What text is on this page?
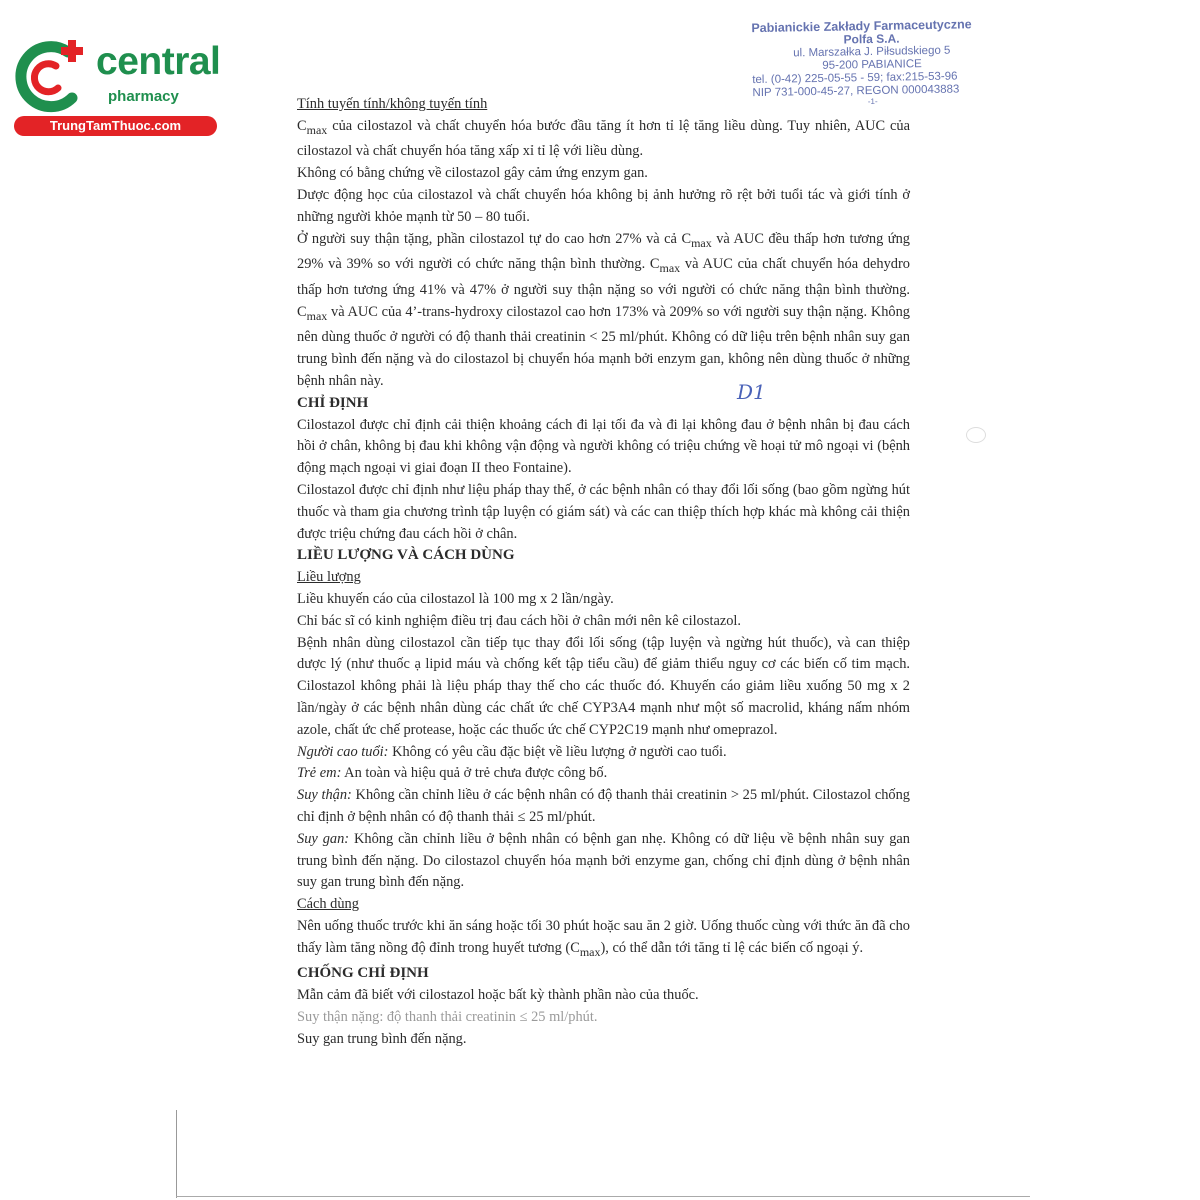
central
pharmacy
TrungTamThuoc.com
Pabianickie Zakłady Farmaceutyczne
Polfa S.A.
ul. Marszałka J. Piłsudskiego 5
95-200 PABIANICE
tel. (0-42) 225-05-55 - 59; fax:215-53-96
NIP 731-000-45-27, REGON 000043883
-1-
D1

Tính tuyến tính/không tuyến tính

$C_{max}$ của cilostazol và chất chuyển hóa bước đầu tăng ít hơn tỉ lệ tăng liều dùng. Tuy nhiên, AUC của cilostazol và chất chuyển hóa tăng xấp xỉ tỉ lệ với liều dùng.

Không có bằng chứng về cilostazol gây cảm ứng enzym gan.

Dược động học của cilostazol và chất chuyển hóa không bị ảnh hưởng rõ rệt bởi tuổi tác và giới tính ở những người khỏe mạnh từ 50 – 80 tuổi.

Ở người suy thận tặng, phần cilostazol tự do cao hơn 27% và cả $C_{max}$ và AUC đều thấp hơn tương ứng 29% và 39% so với người có chức năng thận bình thường. $C_{max}$ và AUC của chất chuyển hóa dehydro thấp hơn tương ứng 41% và 47% ở người suy thận nặng so với người có chức năng thận bình thường. $C_{max}$ và AUC của 4’-trans-hydroxy cilostazol cao hơn 173% và 209% so với người suy thận nặng. Không nên dùng thuốc ở người có độ thanh thải creatinin < 25 ml/phút. Không có dữ liệu trên bệnh nhân suy gan trung bình đến nặng và do cilostazol bị chuyển hóa mạnh bởi enzym gan, không nên dùng thuốc ở những bệnh nhân này.

CHỈ ĐỊNH

Cilostazol được chỉ định cải thiện khoảng cách đi lại tối đa và đi lại không đau ở bệnh nhân bị đau cách hồi ở chân, không bị đau khi không vận động và người không có triệu chứng về hoại tử mô ngoại vi (bệnh động mạch ngoại vi giai đoạn II theo Fontaine).

Cilostazol được chỉ định như liệu pháp thay thế, ở các bệnh nhân có thay đổi lối sống (bao gồm ngừng hút thuốc và tham gia chương trình tập luyện có giám sát) và các can thiệp thích hợp khác mà không cải thiện được triệu chứng đau cách hồi ở chân.

LIỀU LƯỢNG VÀ CÁCH DÙNG

Liều lượng

Liều khuyến cáo của cilostazol là 100 mg x 2 lần/ngày.

Chỉ bác sĩ có kinh nghiệm điều trị đau cách hồi ở chân mới nên kê cilostazol.

Bệnh nhân dùng cilostazol cần tiếp tục thay đổi lối sống (tập luyện và ngừng hút thuốc), và can thiệp dược lý (như thuốc ạ lipid máu và chống kết tập tiểu cầu) để giảm thiểu nguy cơ các biến cố tim mạch. Cilostazol không phải là liệu pháp thay thế cho các thuốc đó. Khuyến cáo giảm liều xuống 50 mg x 2 lần/ngày ở các bệnh nhân dùng các chất ức chế CYP3A4 mạnh như một số macrolid, kháng nấm nhóm azole, chất ức chế protease, hoặc các thuốc ức chế CYP2C19 mạnh như omeprazol.

Người cao tuổi: Không có yêu cầu đặc biệt về liều lượng ở người cao tuổi.

Trẻ em: An toàn và hiệu quả ở trẻ chưa được công bố.

Suy thận: Không cần chỉnh liều ở các bệnh nhân có độ thanh thải creatinin > 25 ml/phút. Cilostazol chống chỉ định ở bệnh nhân có độ thanh thải ≤ 25 ml/phút.

Suy gan: Không cần chỉnh liều ở bệnh nhân có bệnh gan nhẹ. Không có dữ liệu về bệnh nhân suy gan trung bình đến nặng. Do cilostazol chuyển hóa mạnh bởi enzyme gan, chống chỉ định dùng ở bệnh nhân suy gan trung bình đến nặng.

Cách dùng

Nên uống thuốc trước khi ăn sáng hoặc tối 30 phút hoặc sau ăn 2 giờ. Uống thuốc cùng với thức ăn đã cho thấy làm tăng nồng độ đỉnh trong huyết tương $(C_{max})$, có thể dẫn tới tăng tỉ lệ các biến cố ngoại ý.

CHỐNG CHỈ ĐỊNH

Mẫn cảm đã biết với cilostazol hoặc bất kỳ thành phần nào của thuốc.

Suy thận nặng: độ thanh thải creatinin ≤ 25 ml/phút.

Suy gan trung bình đến nặng.
